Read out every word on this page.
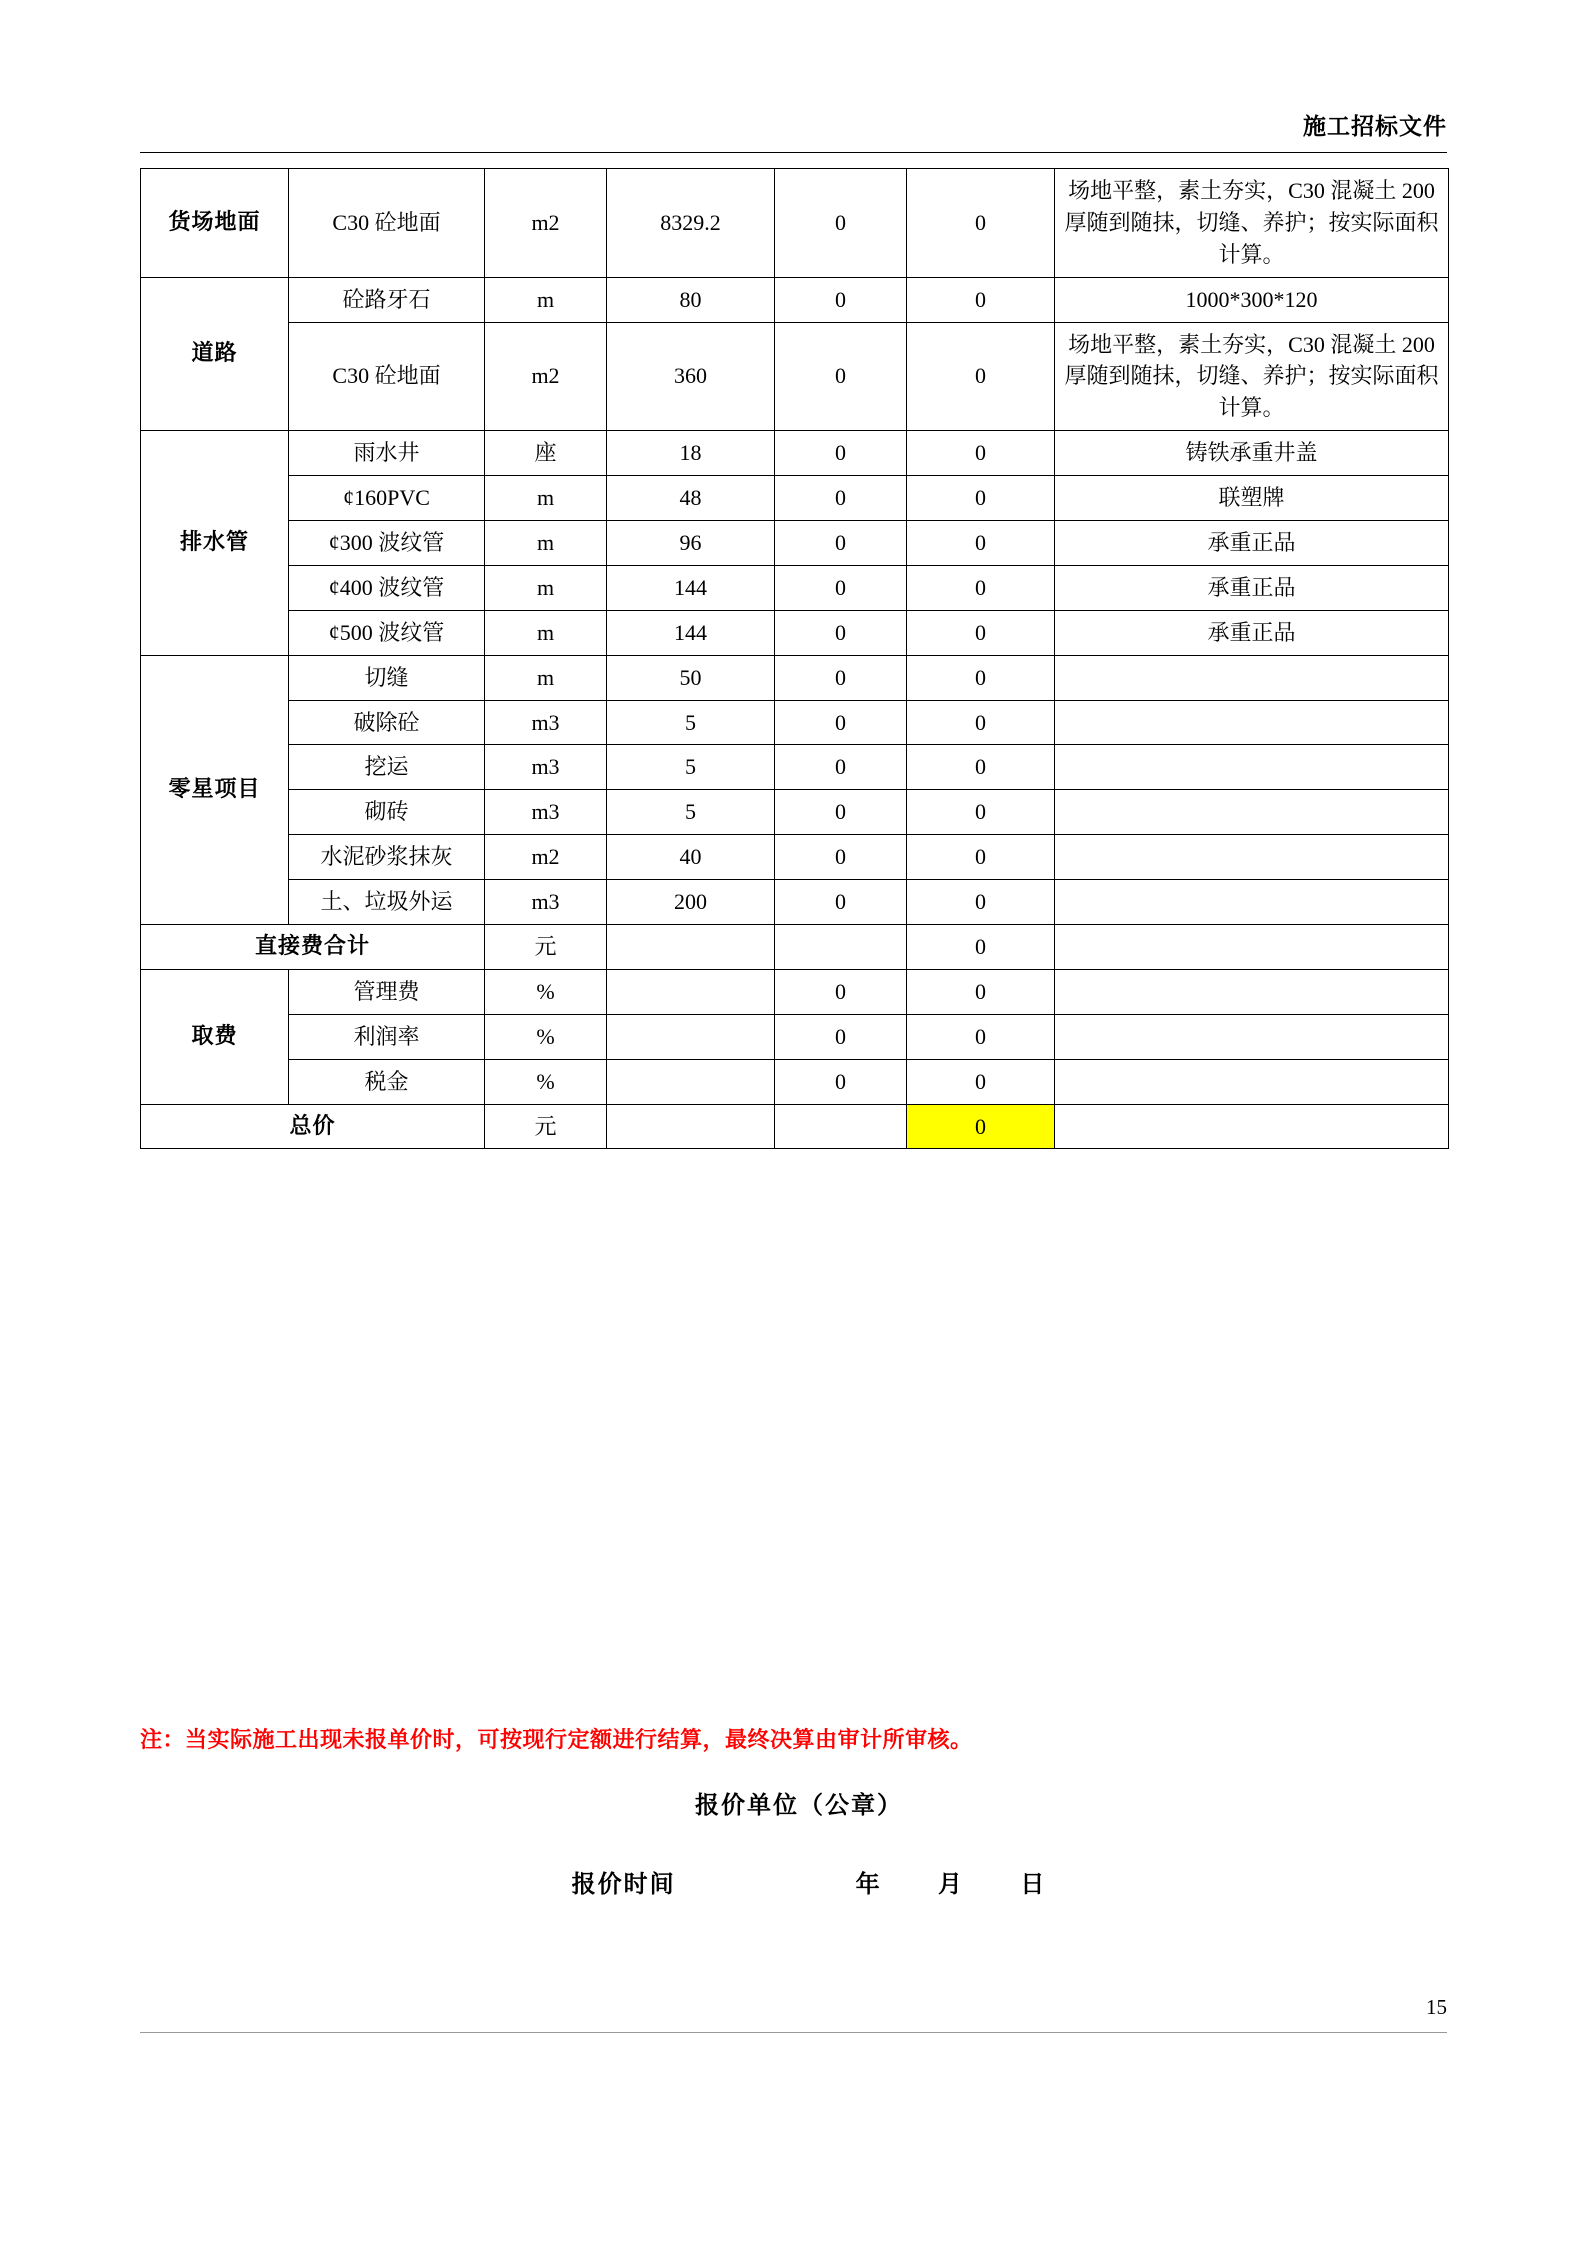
施工招标文件
货场地面	C30 砼地面	m2	8329.2	0	0	场地平整，素土夯实，C30 混凝土 200 厚随到随抹，切缝、养护；按实际面积计算。
道路	砼路牙石	m	80	0	0	1000*300*120
	C30 砼地面	m2	360	0	0	场地平整，素土夯实，C30 混凝土 200 厚随到随抹，切缝、养护；按实际面积计算。
排水管	雨水井	座	18	0	0	铸铁承重井盖
	¢160PVC	m	48	0	0	联塑牌
	¢300 波纹管	m	96	0	0	承重正品
	¢400 波纹管	m	144	0	0	承重正品
	¢500 波纹管	m	144	0	0	承重正品
零星项目	切缝	m	50	0	0	
	破除砼	m3	5	0	0	
	挖运	m3	5	0	0	
	砌砖	m3	5	0	0	
	水泥砂浆抹灰	m2	40	0	0	
	土、垃圾外运	m3	200	0	0	
直接费合计		元			0	
取费	管理费	%		0	0	
	利润率	%		0	0	
	税金	%		0	0	
总价		元			0	
注：当实际施工出现未报单价时，可按现行定额进行结算，最终决算由审计所审核。
报价单位（公章）
报价时间	年 月 日
15
